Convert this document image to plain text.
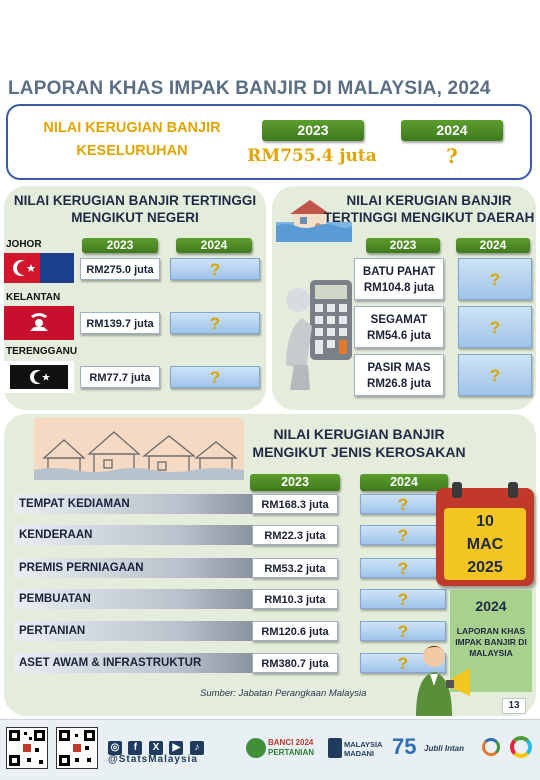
LAPORAN KHAS IMPAK BANJIR DI MALAYSIA, 2024
NILAI KERUGIAN BANJIR
KESELURUHAN
2023	2024
RM755.4 juta	?
NILAI KERUGIAN BANJIR TERTINGGI
MENGIKUT NEGERI
2023	2024
JOHOR
RM275.0 juta	?
KELANTAN
RM139.7 juta	?
TERENGGANU
RM77.7 juta	?
NILAI KERUGIAN BANJIR
TERTINGGI MENGIKUT DAERAH
2023	2024
BATU PAHAT
RM104.8 juta	?
SEGAMAT
RM54.6 juta	?
PASIR MAS
RM26.8 juta	?
NILAI KERUGIAN BANJIR
MENGIKUT JENIS KEROSAKAN
2023	2024
TEMPAT KEDIAMAN	RM168.3 juta	?
KENDERAAN	RM22.3 juta	?
PREMIS PERNIAGAAN	RM53.2 juta	?
PEMBUATAN	RM10.3 juta	?
PERTANIAN	RM120.6 juta	?
ASET AWAM & INFRASTRUKTUR	RM380.7 juta	?
Sumber: Jabatan Perangkaan Malaysia
10
MAC
2025
2024
LAPORAN KHAS
IMPAK BANJIR DI
MALAYSIA
13
◎ f X ▶ ♪
@StatsMalaysia
BANCI 2024
PERTANIAN
MALAYSIA
MADANI 75 Jubli Intan
